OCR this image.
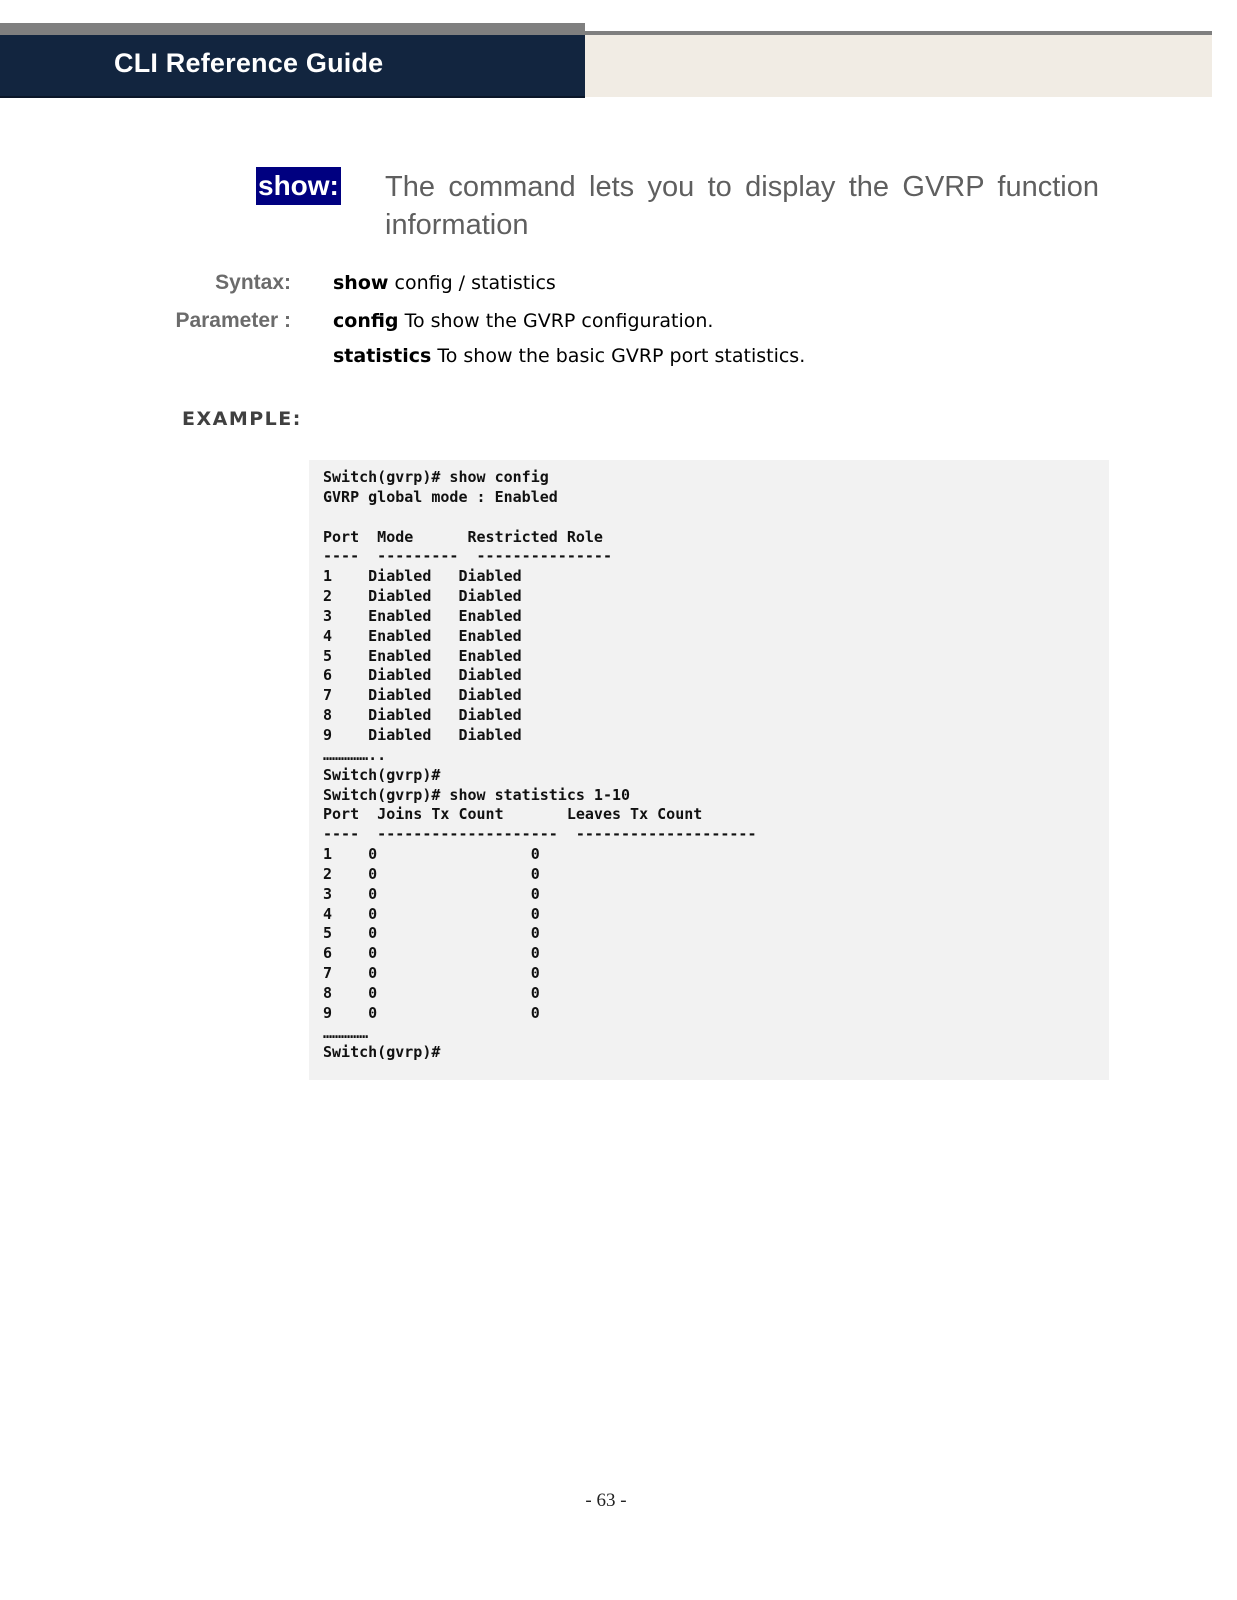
CLI Reference Guide
show: The command lets you to display the GVRP function information
Syntax: show config / statistics
Parameter : config To show the GVRP configuration.
statistics To show the basic GVRP port statistics.
EXAMPLE:
Switch(gvrp)# show config
GVRP global mode : Enabled

Port  Mode      Restricted Role
----  ---------  ---------------
1    Diabled   Diabled
2    Diabled   Diabled
3    Enabled   Enabled
4    Enabled   Enabled
5    Enabled   Enabled
6    Diabled   Diabled
7    Diabled   Diabled
8    Diabled   Diabled
9    Diabled   Diabled
……………..
Switch(gvrp)#
Switch(gvrp)# show statistics 1-10
Port  Joins Tx Count       Leaves Tx Count
----  --------------------  --------------------
1    0                 0
2    0                 0
3    0                 0
4    0                 0
5    0                 0
6    0                 0
7    0                 0
8    0                 0
9    0                 0
……………
Switch(gvrp)#
- 63 -
